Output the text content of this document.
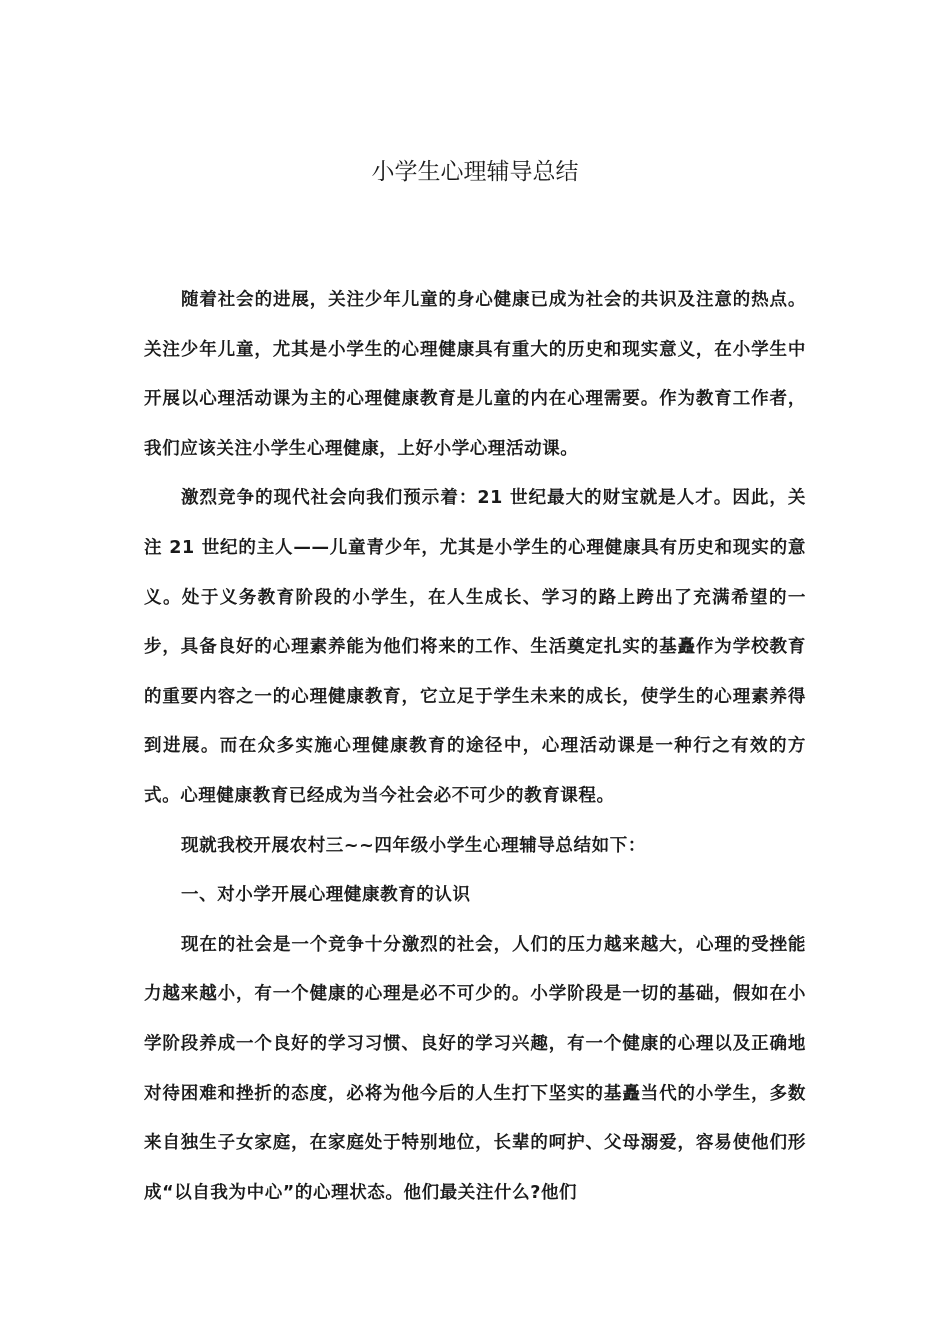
小学生心理辅导总结

随着社会的进展，关注少年儿童的身心健康已成为社会的共识及注意的热点。关注少年儿童，尤其是小学生的心理健康具有重大的历史和现实意义，在小学生中开展以心理活动课为主的心理健康教育是儿童的内在心理需要。作为教育工作者，我们应该关注小学生心理健康，上好小学心理活动课。

激烈竞争的现代社会向我们预示着：21 世纪最大的财宝就是人才。因此，关注 21 世纪的主人——儿童青少年，尤其是小学生的心理健康具有历史和现实的意义。处于义务教育阶段的小学生，在人生成长、学习的路上跨出了充满希望的一步，具备良好的心理素养能为他们将来的工作、生活奠定扎实的基矗作为学校教育的重要内容之一的心理健康教育，它立足于学生未来的成长，使学生的心理素养得到进展。而在众多实施心理健康教育的途径中，心理活动课是一种行之有效的方式。心理健康教育已经成为当今社会必不可少的教育课程。

现就我校开展农村三~~四年级小学生心理辅导总结如下：

一、对小学开展心理健康教育的认识

现在的社会是一个竞争十分激烈的社会，人们的压力越来越大，心理的受挫能力越来越小，有一个健康的心理是必不可少的。小学阶段是一切的基础，假如在小学阶段养成一个良好的学习习惯、良好的学习兴趣，有一个健康的心理以及正确地对待困难和挫折的态度，必将为他今后的人生打下坚实的基矗当代的小学生，多数来自独生子女家庭，在家庭处于特别地位，长辈的呵护、父母溺爱，容易使他们形成“以自我为中心”的心理状态。他们最关注什么?他们
